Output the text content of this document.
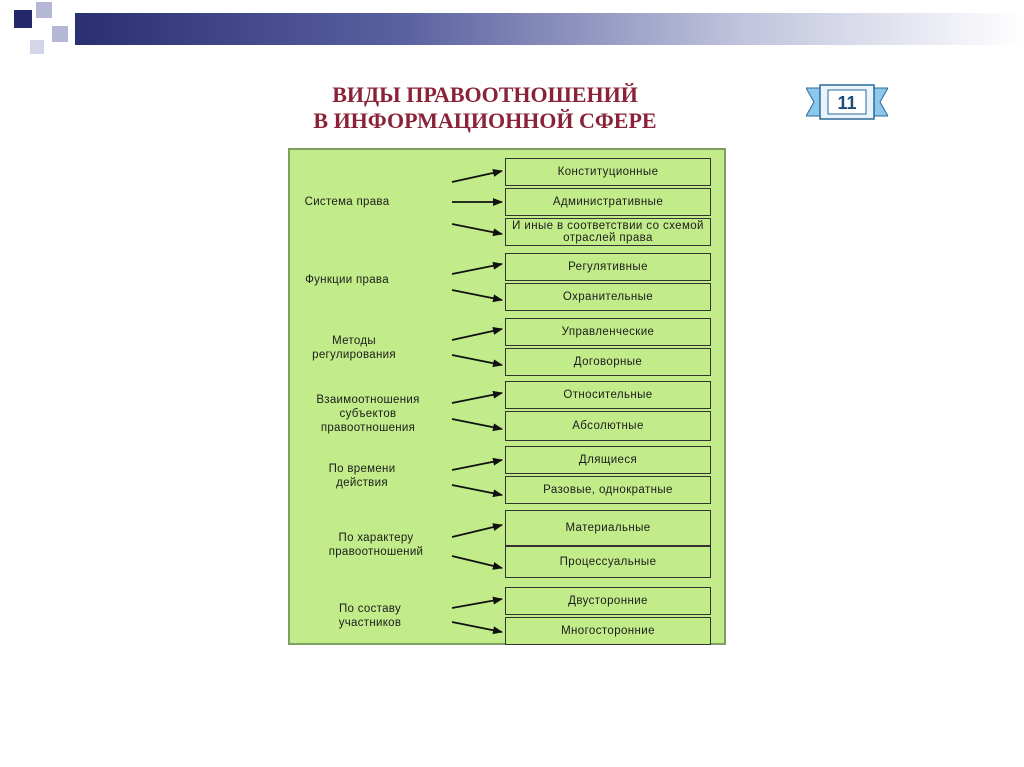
ВИДЫ ПРАВООТНОШЕНИЙ
В ИНФОРМАЦИОННОЙ СФЕРЕ
11
Система права
Функции права
Методы регулирования
Взаимоотношения субъектов правоотношения
По времени действия
По характеру правоотношений
По составу участников
Конституционные
Административные
И иные в соответствии со схемой отраслей права
Регулятивные
Охранительные
Управленческие
Договорные
Относительные
Абсолютные
Длящиеся
Разовые, однократные
Материальные
Процессуальные
Двусторонние
Многосторонние
